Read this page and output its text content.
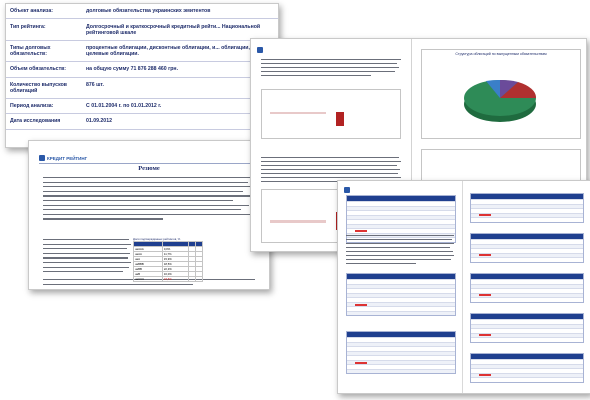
Объект анализа:	долговые обязательства украинских эмитентов
Тип рейтинга:	Долгосрочный и краткосрочный кредитный рейти... Национальной рейтинговой шкале
Типы долговых обязательств:	процентные облигации, дисконтные облигации, и... облигации, целевые облигации.
Объем обязательств:	на общую сумму 71 876 288 460 грн.
Количество выпусков облигаций	876 шт.
Период анализа:	С 01.01.2004 г. по 01.01.2012 г.
Дата исследования	01.09.2012
КРЕДИТ РЕЙТИНГ
Резюме
Доля подтверждённых рейтингов, %

uaAAA	0,0%		
uaAA	11,7%		
uaA	15,9%		
uaBBB	18,5%		
uaBB	22,3%		
uaB	16,0%		
uaCCC	18,5%		
Структура облигаций по выпущенным обязательствам
